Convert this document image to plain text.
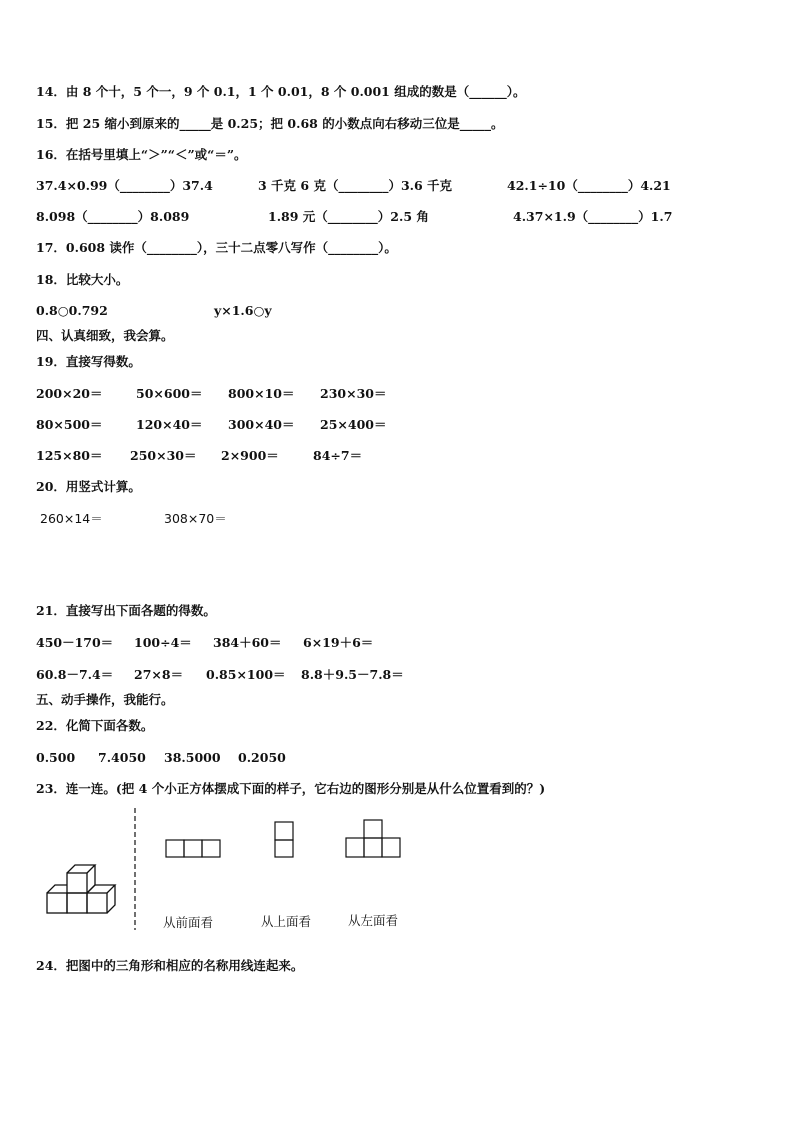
14．由 8 个十，5 个一，9 个 0.1，1 个 0.01，8 个 0.001 组成的数是（______）。
15．把 25 缩小到原来的_____是 0.25；把 0.68 的小数点向右移动三位是_____。
16．在括号里填上“＞”“＜”或“＝”。
37.4×0.99（________）37.4	3 千克 6 克（________）3.6 千克	42.1÷10（________）4.21
8.098（________）8.089	1.89 元（________）2.5 角	4.37×1.9（________）1.7
17．0.608 读作（________），三十二点零八写作（________）。
18．比较大小。
0.8○0.792	y×1.6○y
四、认真细致，我会算。
19．直接写得数。
200×20＝	50×600＝ 800×10＝ 230×30＝
80×500＝	120×40＝ 300×40＝ 25×400＝
125×80＝ 250×30＝ 2×900＝	84÷7＝
20．用竖式计算。
260×14＝	308×70＝
21．直接写出下面各题的得数。
450－170＝ 100÷4＝ 384＋60＝ 6×19＋6＝
60.8－7.4＝ 27×8＝ 0.85×100＝ 8.8＋9.5－7.8＝
五、动手操作，我能行。
22．化简下面各数。
0.500 7.4050 38.5000 0.2050
23．连一连。(把 4 个小正方体摆成下面的样子，它右边的图形分别是从什么位置看到的？)
从前面看	从上面看	从左面看
24．把图中的三角形和相应的名称用线连起来。
